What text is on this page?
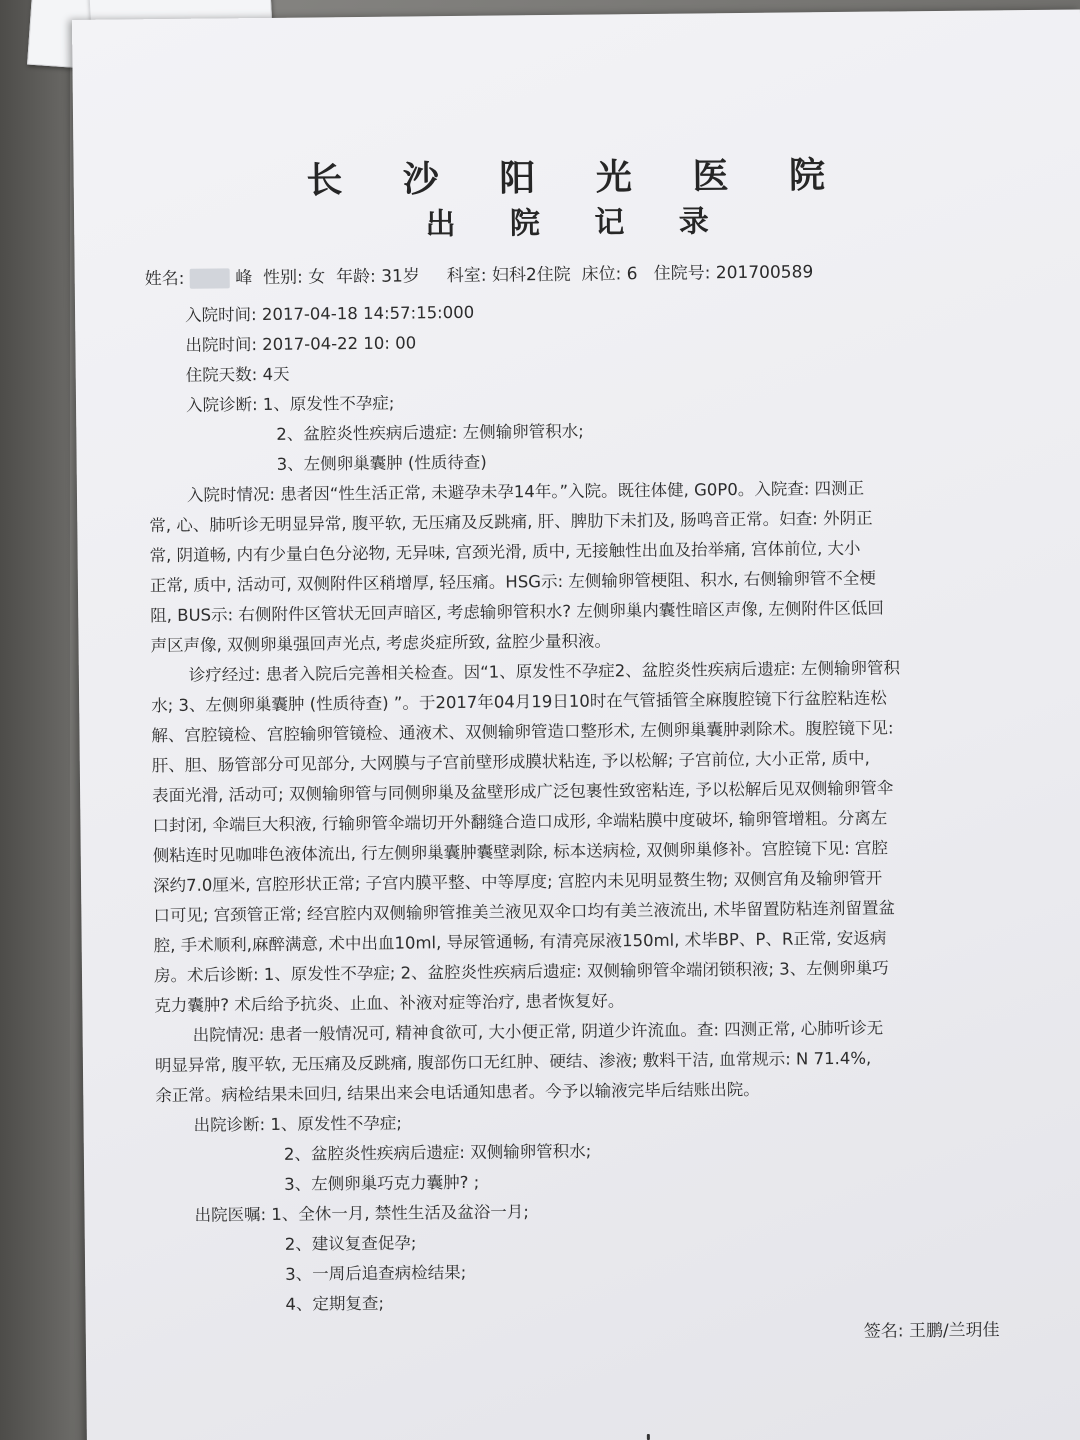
长 沙 阳 光 医 院
出 院 记 录
姓名:	峰 性别: 女 年龄: 31岁 科室: 妇科2住院 床位: 6 住院号: 201700589
入院时间: 2017-04-18 14:57:15:000
出院时间: 2017-04-22 10: 00
住院天数: 4天
入院诊断: 1、原发性不孕症;
2、盆腔炎性疾病后遗症: 左侧输卵管积水;
3、左侧卵巢囊肿 (性质待查)
入院时情况: 患者因“性生活正常, 未避孕未孕14年。”入院。既往体健, G0P0。入院查: 四测正
常, 心、肺听诊无明显异常, 腹平软, 无压痛及反跳痛, 肝、脾肋下未扪及, 肠鸣音正常。妇查: 外阴正
常, 阴道畅, 内有少量白色分泌物, 无异味, 宫颈光滑, 质中, 无接触性出血及抬举痛, 宫体前位, 大小
正常, 质中, 活动可, 双侧附件区稍增厚, 轻压痛。HSG示: 左侧输卵管梗阻、积水, 右侧输卵管不全梗
阻, BUS示: 右侧附件区管状无回声暗区, 考虑输卵管积水? 左侧卵巢内囊性暗区声像, 左侧附件区低回
声区声像, 双侧卵巢强回声光点, 考虑炎症所致, 盆腔少量积液。
诊疗经过: 患者入院后完善相关检查。因“1、原发性不孕症2、盆腔炎性疾病后遗症: 左侧输卵管积
水; 3、左侧卵巢囊肿 (性质待查) ”。于2017年04月19日10时在气管插管全麻腹腔镜下行盆腔粘连松
解、宫腔镜检、宫腔输卵管镜检、通液术、双侧输卵管造口整形术, 左侧卵巢囊肿剥除术。腹腔镜下见:
肝、胆、肠管部分可见部分, 大网膜与子宫前壁形成膜状粘连, 予以松解; 子宫前位, 大小正常, 质中,
表面光滑, 活动可; 双侧输卵管与同侧卵巢及盆壁形成广泛包裹性致密粘连, 予以松解后见双侧输卵管伞
口封闭, 伞端巨大积液, 行输卵管伞端切开外翻缝合造口成形, 伞端粘膜中度破坏, 输卵管增粗。分离左
侧粘连时见咖啡色液体流出, 行左侧卵巢囊肿囊壁剥除, 标本送病检, 双侧卵巢修补。宫腔镜下见: 宫腔
深约7.0厘米, 宫腔形状正常; 子宫内膜平整、中等厚度; 宫腔内未见明显赘生物; 双侧宫角及输卵管开
口可见; 宫颈管正常; 经宫腔内双侧输卵管推美兰液见双伞口均有美兰液流出, 术毕留置防粘连剂留置盆
腔, 手术顺利,麻醉满意, 术中出血10ml, 导尿管通畅, 有清亮尿液150ml, 术毕BP、P、R正常, 安返病
房。术后诊断: 1、原发性不孕症; 2、盆腔炎性疾病后遗症: 双侧输卵管伞端闭锁积液; 3、左侧卵巢巧
克力囊肿? 术后给予抗炎、止血、补液对症等治疗, 患者恢复好。
出院情况: 患者一般情况可, 精神食欲可, 大小便正常, 阴道少许流血。查: 四测正常, 心肺听诊无
明显异常, 腹平软, 无压痛及反跳痛, 腹部伤口无红肿、硬结、渗液; 敷料干洁, 血常规示: N 71.4%,
余正常。病检结果未回归, 结果出来会电话通知患者。今予以输液完毕后结账出院。
出院诊断: 1、原发性不孕症;
2、盆腔炎性疾病后遗症: 双侧输卵管积水;
3、左侧卵巢巧克力囊肿? ;
出院医嘱: 1、全休一月, 禁性生活及盆浴一月;
2、建议复查促孕;
3、一周后追查病检结果;
4、定期复查;
签名: 王鹏/兰玥佳
